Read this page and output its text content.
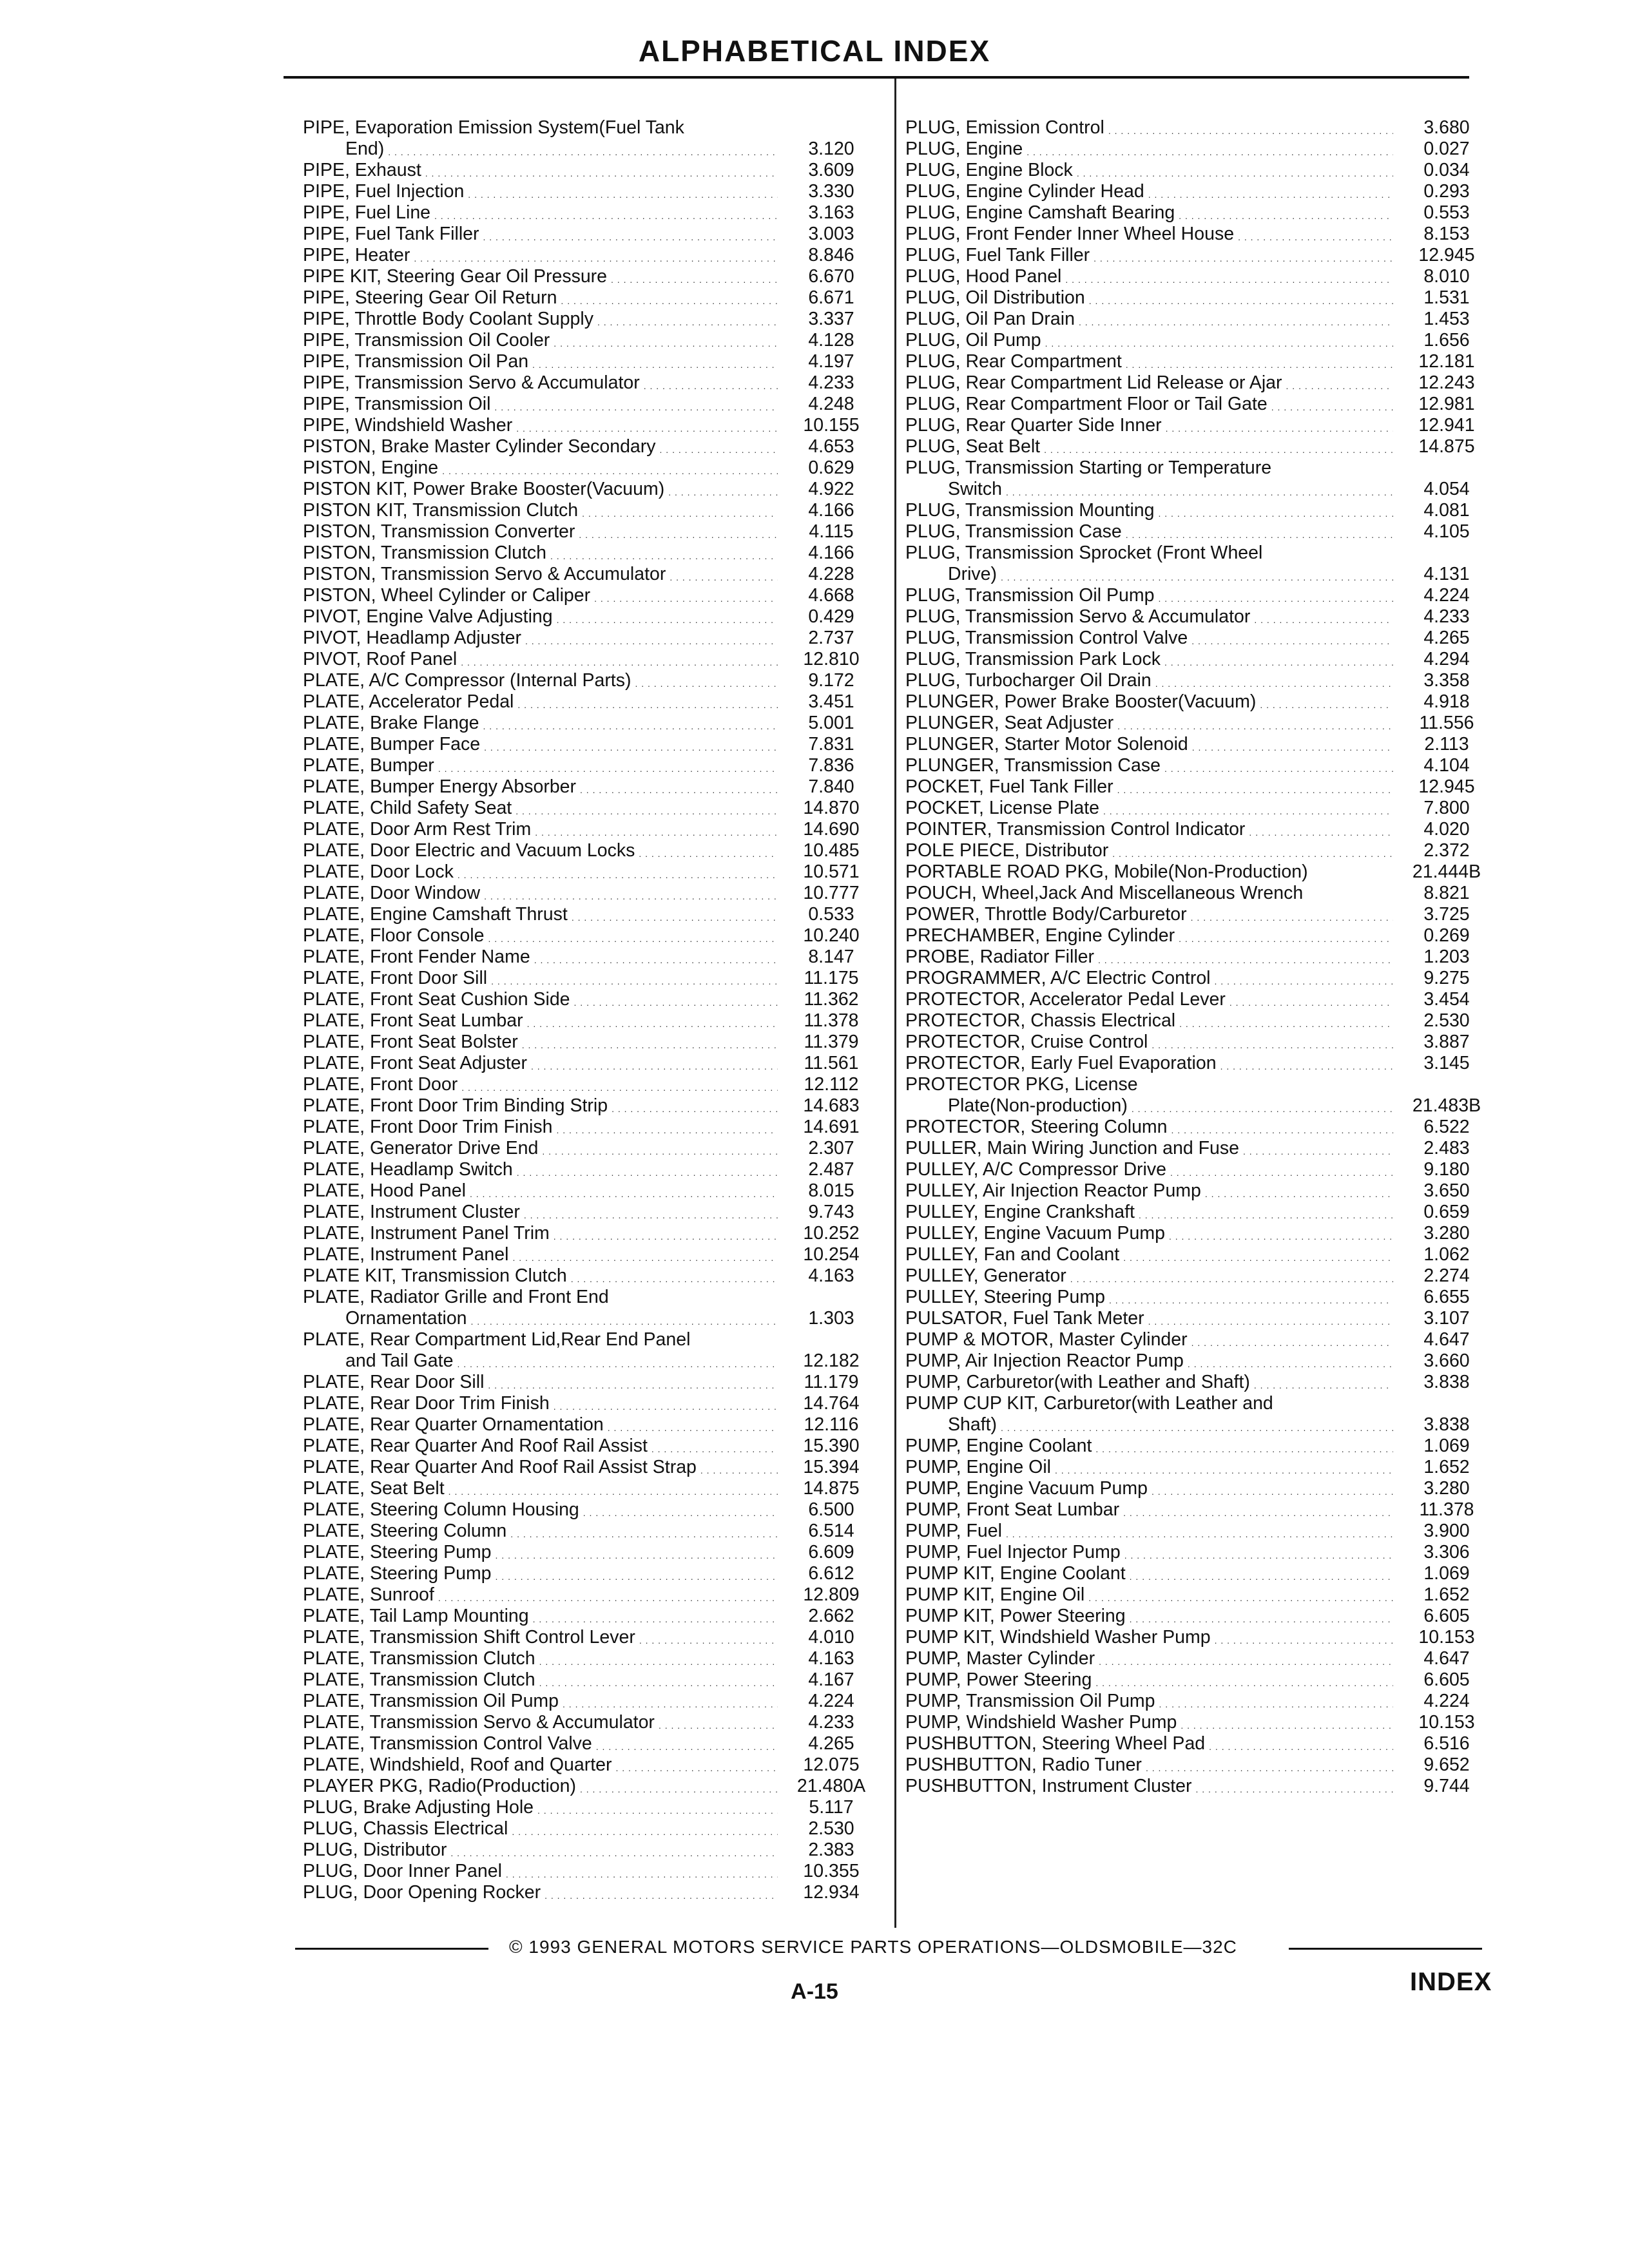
ALPHABETICAL INDEX
PIPE, Evaporation Emission System(Fuel Tank
End) . . .	3.120
PIPE, Exhaust . . .	3.609
PIPE, Fuel Injection . . .	3.330
PIPE, Fuel Line . . .	3.163
PIPE, Fuel Tank Filler . . .	3.003
PIPE, Heater . . .	8.846
PIPE KIT, Steering Gear Oil Pressure . . .	6.670
PIPE, Steering Gear Oil Return . . .	6.671
PIPE, Throttle Body Coolant Supply . . .	3.337
PIPE, Transmission Oil Cooler . . .	4.128
PIPE, Transmission Oil Pan . . .	4.197
PIPE, Transmission Servo & Accumulator . . .	4.233
PIPE, Transmission Oil . . .	4.248
PIPE, Windshield Washer . . .	10.155
PISTON, Brake Master Cylinder Secondary . . .	4.653
PISTON, Engine . . .	0.629
PISTON KIT, Power Brake Booster(Vacuum) . . .	4.922
PISTON KIT, Transmission Clutch . . .	4.166
PISTON, Transmission Converter . . .	4.115
PISTON, Transmission Clutch . . .	4.166
PISTON, Transmission Servo & Accumulator . . .	4.228
PISTON, Wheel Cylinder or Caliper . . .	4.668
PIVOT, Engine Valve Adjusting . . .	0.429
PIVOT, Headlamp Adjuster . . .	2.737
PIVOT, Roof Panel . . .	12.810
PLATE, A/C Compressor (Internal Parts) . . .	9.172
PLATE, Accelerator Pedal . . .	3.451
PLATE, Brake Flange . . .	5.001
PLATE, Bumper Face . . .	7.831
PLATE, Bumper . . .	7.836
PLATE, Bumper Energy Absorber . . .	7.840
PLATE, Child Safety Seat . . .	14.870
PLATE, Door Arm Rest Trim . . .	14.690
PLATE, Door Electric and Vacuum Locks . . .	10.485
PLATE, Door Lock . . .	10.571
PLATE, Door Window . . .	10.777
PLATE, Engine Camshaft Thrust . . .	0.533
PLATE, Floor Console . . .	10.240
PLATE, Front Fender Name . . .	8.147
PLATE, Front Door Sill . . .	11.175
PLATE, Front Seat Cushion Side . . .	11.362
PLATE, Front Seat Lumbar . . .	11.378
PLATE, Front Seat Bolster . . .	11.379
PLATE, Front Seat Adjuster . . .	11.561
PLATE, Front Door . . .	12.112
PLATE, Front Door Trim Binding Strip . . .	14.683
PLATE, Front Door Trim Finish . . .	14.691
PLATE, Generator Drive End . . .	2.307
PLATE, Headlamp Switch . . .	2.487
PLATE, Hood Panel . . .	8.015
PLATE, Instrument Cluster . . .	9.743
PLATE, Instrument Panel Trim . . .	10.252
PLATE, Instrument Panel . . .	10.254
PLATE KIT, Transmission Clutch . . .	4.163
PLATE, Radiator Grille and Front End
Ornamentation . . .	1.303
PLATE, Rear Compartment Lid,Rear End Panel
and Tail Gate . . .	12.182
PLATE, Rear Door Sill . . .	11.179
PLATE, Rear Door Trim Finish . . .	14.764
PLATE, Rear Quarter Ornamentation . . .	12.116
PLATE, Rear Quarter And Roof Rail Assist . . .	15.390
PLATE, Rear Quarter And Roof Rail Assist Strap . . .	15.394
PLATE, Seat Belt . . .	14.875
PLATE, Steering Column Housing . . .	6.500
PLATE, Steering Column . . .	6.514
PLATE, Steering Pump . . .	6.609
PLATE, Steering Pump . . .	6.612
PLATE, Sunroof . . .	12.809
PLATE, Tail Lamp Mounting . . .	2.662
PLATE, Transmission Shift Control Lever . . .	4.010
PLATE, Transmission Clutch . . .	4.163
PLATE, Transmission Clutch . . .	4.167
PLATE, Transmission Oil Pump . . .	4.224
PLATE, Transmission Servo & Accumulator . . .	4.233
PLATE, Transmission Control Valve . . .	4.265
PLATE, Windshield, Roof and Quarter . . .	12.075
PLAYER PKG, Radio(Production) . . .	21.480A
PLUG, Brake Adjusting Hole . . .	5.117
PLUG, Chassis Electrical . . .	2.530
PLUG, Distributor . . .	2.383
PLUG, Door Inner Panel . . .	10.355
PLUG, Door Opening Rocker . . .	12.934
PLUG, Emission Control . . .	3.680
PLUG, Engine . . .	0.027
PLUG, Engine Block . . .	0.034
PLUG, Engine Cylinder Head . . .	0.293
PLUG, Engine Camshaft Bearing . . .	0.553
PLUG, Front Fender Inner Wheel House . . .	8.153
PLUG, Fuel Tank Filler . . .	12.945
PLUG, Hood Panel . . .	8.010
PLUG, Oil Distribution . . .	1.531
PLUG, Oil Pan Drain . . .	1.453
PLUG, Oil Pump . . .	1.656
PLUG, Rear Compartment . . .	12.181
PLUG, Rear Compartment Lid Release or Ajar . . .	12.243
PLUG, Rear Compartment Floor or Tail Gate . . .	12.981
PLUG, Rear Quarter Side Inner . . .	12.941
PLUG, Seat Belt . . .	14.875
PLUG, Transmission Starting or Temperature
Switch . . .	4.054
PLUG, Transmission Mounting . . .	4.081
PLUG, Transmission Case . . .	4.105
PLUG, Transmission Sprocket (Front Wheel
Drive) . . .	4.131
PLUG, Transmission Oil Pump . . .	4.224
PLUG, Transmission Servo & Accumulator . . .	4.233
PLUG, Transmission Control Valve . . .	4.265
PLUG, Transmission Park Lock . . .	4.294
PLUG, Turbocharger Oil Drain . . .	3.358
PLUNGER, Power Brake Booster(Vacuum) . . .	4.918
PLUNGER, Seat Adjuster . . .	11.556
PLUNGER, Starter Motor Solenoid . . .	2.113
PLUNGER, Transmission Case . . .	4.104
POCKET, Fuel Tank Filler . . .	12.945
POCKET, License Plate . . .	7.800
POINTER, Transmission Control Indicator . . .	4.020
POLE PIECE, Distributor . . .	2.372
PORTABLE ROAD PKG, Mobile(Non-Production)	21.444B
POUCH, Wheel,Jack And Miscellaneous Wrench	8.821
POWER, Throttle Body/Carburetor . . .	3.725
PRECHAMBER, Engine Cylinder . . .	0.269
PROBE, Radiator Filler . . .	1.203
PROGRAMMER, A/C Electric Control . . .	9.275
PROTECTOR, Accelerator Pedal Lever . . .	3.454
PROTECTOR, Chassis Electrical . . .	2.530
PROTECTOR, Cruise Control . . .	3.887
PROTECTOR, Early Fuel Evaporation . . .	3.145
PROTECTOR PKG, License
Plate(Non-production) . . .	21.483B
PROTECTOR, Steering Column . . .	6.522
PULLER, Main Wiring Junction and Fuse . . .	2.483
PULLEY, A/C Compressor Drive . . .	9.180
PULLEY, Air Injection Reactor Pump . . .	3.650
PULLEY, Engine Crankshaft . . .	0.659
PULLEY, Engine Vacuum Pump . . .	3.280
PULLEY, Fan and Coolant . . .	1.062
PULLEY, Generator . . .	2.274
PULLEY, Steering Pump . . .	6.655
PULSATOR, Fuel Tank Meter . . .	3.107
PUMP & MOTOR, Master Cylinder . . .	4.647
PUMP, Air Injection Reactor Pump . . .	3.660
PUMP, Carburetor(with Leather and Shaft) . . .	3.838
PUMP CUP KIT, Carburetor(with Leather and
Shaft) . . .	3.838
PUMP, Engine Coolant . . .	1.069
PUMP, Engine Oil . . .	1.652
PUMP, Engine Vacuum Pump . . .	3.280
PUMP, Front Seat Lumbar . . .	11.378
PUMP, Fuel . . .	3.900
PUMP, Fuel Injector Pump . . .	3.306
PUMP KIT, Engine Coolant . . .	1.069
PUMP KIT, Engine Oil . . .	1.652
PUMP KIT, Power Steering . . .	6.605
PUMP KIT, Windshield Washer Pump . . .	10.153
PUMP, Master Cylinder . . .	4.647
PUMP, Power Steering . . .	6.605
PUMP, Transmission Oil Pump . . .	4.224
PUMP, Windshield Washer Pump . . .	10.153
PUSHBUTTON, Steering Wheel Pad . . .	6.516
PUSHBUTTON, Radio Tuner . . .	9.652
PUSHBUTTON, Instrument Cluster . . .	9.744
© 1993 GENERAL MOTORS SERVICE PARTS OPERATIONS—OLDSMOBILE—32C
A-15	INDEX
